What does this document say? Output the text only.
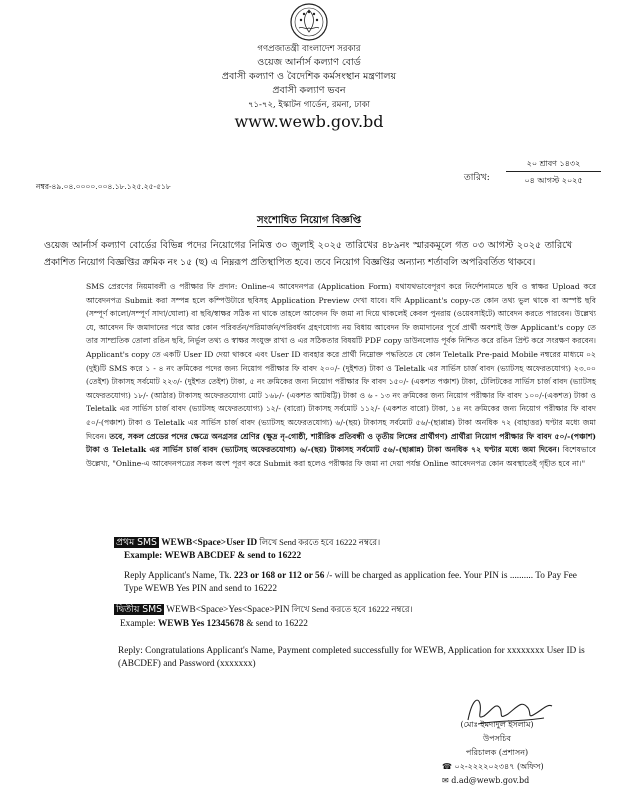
গণপ্রজাতন্ত্রী বাংলাদেশ সরকার
ওয়েজ আর্নার্স কল্যাণ বোর্ড
প্রবাসী কল্যাণ ও বৈদেশিক কর্মসংস্থান মন্ত্রণালয়
প্রবাসী কল্যাণ ভবন
৭১-৭২, ইস্কাটন গার্ডেন, রমনা, ঢাকা
www.wewb.gov.bd
তারিখ:
২০ শ্রাবণ ১৪৩২
০৪ আগস্ট ২০২৫
নম্বর-৪৯.০৪.০০০০.০০৪.১৮.১২৫.২৫-৫১৮
সংশোধিত নিয়োগ বিজ্ঞপ্তি
ওয়েজ আর্নার্স কল্যাণ বোর্ডের বিভিন্ন পদের নিয়োগের নিমিত্ত ৩০ জুলাই ২০২৫ তারিখের ৪৮৯নং স্মারকমূলে গত ০৩ আগস্ট ২০২৫ তারিখে প্রকাশিত নিয়োগ বিজ্ঞপ্তির ক্রমিক নং ১৫ (ছ) এ নিম্নরূপ প্রতিস্থাপিত হবে। তবে নিয়োগ বিজ্ঞপ্তির অন্যান্য শর্তাবলি অপরিবর্তিত থাকবে।
SMS প্রেরণের নিয়মাবলী ও পরীক্ষার ফি প্রদান: Online-এ আবেদনপত্র (Application Form) যথাযথভাবেপূরণ করে নির্দেশনামতে ছবি ও স্বাক্ষর Upload করে আবেদনপত্র Submit করা সম্পন্ন হলে কম্পিউটারে ছবিসহ Application Preview দেখা যাবে। যদি Applicant's copy-তে কোন তথ্য ভুল থাকে বা অস্পষ্ট ছবি (সম্পূর্ণ কালো/সম্পূর্ণ সাদা/ঘোলা) বা ছবি/স্বাক্ষর সঠিক না থাকে তাহলে আবেদন ফি জমা না দিয়ে থাকলেই কেবল পুনরায় (ওয়েবসাইটে) আবেদন করতে পারবেন। উল্লেখ্য যে, আবেদন ফি জমাদানের পরে আর কোন পরিবর্তন/পরিমার্জন/পরিবর্ধন গ্রহণযোগ্য নয় বিধায় আবেদন ফি জমাদানের পূর্বে প্রার্থী অবশ্যই উক্ত Applicant's copy তে তার সাম্প্রতিক তোলা রঙিন ছবি, নির্ভুল তথ্য ও স্বাক্ষর সংযুক্ত রাখা ও এর সঠিকতার বিষয়টি PDF copy ডাউনলোড পূর্বক নিশ্চিত করে রঙিন প্রিন্ট করে সংরক্ষণ করবেন। Applicant's copy তে একটি User ID দেয়া থাকবে এবং User ID ব্যবহার করে প্রার্থী নিম্নোক্ত পদ্ধতিতে যে কোন Teletalk Pre-paid Mobile নম্বরের মাধ্যমে ০২ (দুই)টি SMS করে ১ - ৪ নং ক্রমিকের পদের জন্য নিয়োগ পরীক্ষার ফি বাবদ ২০০/- (দুইশত) টাকা ও Teletalk এর সার্ভিস চার্জ বাবদ (ভ্যাটসহ অফেরতযোগ্য) ২৩.০০ (তেইশ) টাকাসহ সর্বমোট ২২৩/- (দুইশত তেইশ) টাকা, ৫ নং ক্রমিকের জন্য নিয়োগ পরীক্ষার ফি বাবদ ১৫০/- (একশত পঞ্চাশ) টাকা, টেলিটকের সার্ভিস চার্জ বাবদ (ভ্যাটসহ অফেরতযোগ্য) ১৮/- (আঠার) টাকাসহ অফেরতযোগ্য মোট ১৬৮/- (একশত আটষট্টি) টাকা ও ৬ - ১৩ নং ক্রমিকের জন্য নিয়োগ পরীক্ষার ফি বাবদ ১০০/-(একশত) টাকা ও Teletalk এর সার্ভিস চার্জ বাবদ (ভ্যাটসহ অফেরতযোগ্য) ১২/- (বারো) টাকাসহ সর্বমোট ১১২/- (একশত বারো) টাকা, ১৪ নং ক্রমিকের জন্য নিয়োগ পরীক্ষার ফি বাবদ ৫০/-(পঞ্চাশ) টাকা ও Teletalk এর সার্ভিস চার্জ বাবদ (ভ্যাটসহ অফেরতযোগ্য) ৬/-(ছয়) টাকাসহ সর্বমোট ৫৬/-(ছাপ্পান্ন) টাকা অনধিক ৭২ (বাহাত্তর) ঘণ্টার মধ্যে জমা দিবেন। তবে, সকল প্রেডের পদের ক্ষেত্রে অনগ্রসর শ্রেণির (ক্ষুদ্র নৃ-গোষ্ঠী, শারীরিক প্রতিবন্ধী ও তৃতীয় লিঙ্গের প্রার্থীগণ) প্রার্থীরা নিয়োগ পরীক্ষার ফি বাবদ ৫০/-(পঞ্চাশ) টাকা ও Teletalk এর সার্ভিস চার্জ বাবদ (ভ্যাটসহ অফেরতযোগ্য) ৬/-(ছয়) টাকাসহ সর্বমোট ৫৬/-(ছাপ্পান্ন) টাকা অনধিক ৭২ ঘণ্টার মধ্যে জমা দিবেন। বিশেষভাবে উল্লেখ্য, "Online-এ আবেদনপত্রের সকল অংশ পূরণ করে Submit করা হলেও পরীক্ষার ফি জমা না দেয়া পর্যন্ত Online আবেদনপত্র কোন অবস্থাতেই গৃহীত হবে না।"
প্রথম SMS WEWB<Space>User ID লিখে Send করতে হবে 16222 নম্বরে।
Example: WEWB ABCDEF & send to 16222
Reply Applicant's Name, Tk. 223 or 168 or 112 or 56 /- will be charged as application fee. Your PIN is .......... To Pay Fee Type WEWB Yes PIN and send to 16222
দ্বিতীয় SMS WEWB<Space>Yes<Space>PIN লিখে Send করতে হবে 16222 নম্বরে।
Example: WEWB Yes 12345678 & send to 16222
Reply: Congratulations Applicant's Name, Payment completed successfully for WEWB, Application for xxxxxxxx User ID is (ABCDEF) and Password (xxxxxxx)
(মোঃ ইমদাদুল ইসলাম)
উপসচিব
পরিচালক (প্রশাসন)
☎ ০২-২২২২০২৩৪৭ (অফিস)
✉ d.ad@wewb.gov.bd
